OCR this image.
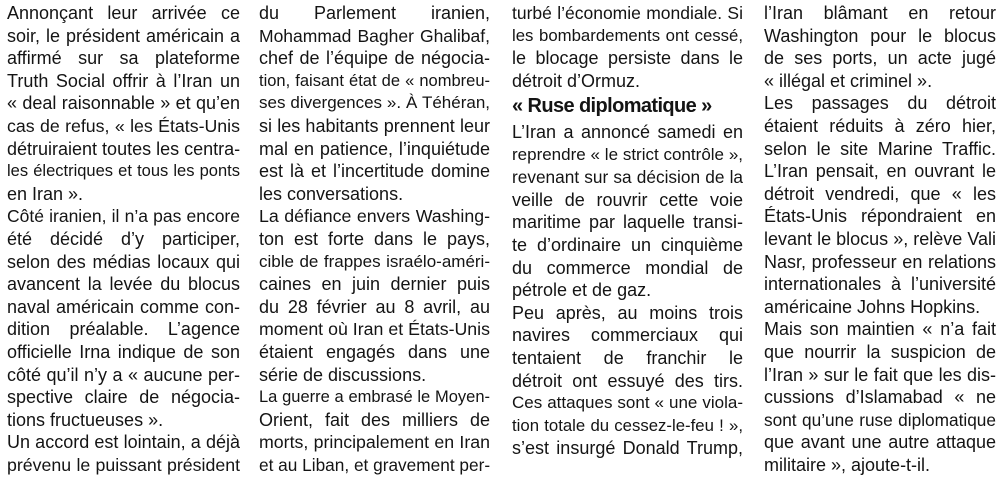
Annonçant leur arrivée ce
soir, le président américain a
affirmé sur sa plateforme
Truth Social offrir à l’Iran un
« deal raisonnable » et qu’en
cas de refus, « les États-Unis
détruiraient toutes les centra-
les électriques et tous les ponts
en Iran ».
Côté iranien, il n’a pas encore
été décidé d’y participer,
selon des médias locaux qui
avancent la levée du blocus
naval américain comme con-
dition préalable. L’agence
officielle Irna indique de son
côté qu’il n’y a « aucune per-
spective claire de négocia-
tions fructueuses ».
Un accord est lointain, a déjà
prévenu le puissant président
du Parlement iranien,
Mohammad Bagher Ghalibaf,
chef de l’équipe de négocia-
tion, faisant état de « nombreu-
ses divergences ». À Téhéran,
si les habitants prennent leur
mal en patience, l’inquiétude
est là et l’incertitude domine
les conversations.
La défiance envers Washing-
ton est forte dans le pays,
cible de frappes israélo-améri-
caines en juin dernier puis
du 28 février au 8 avril, au
moment où Iran et États-Unis
étaient engagés dans une
série de discussions.
La guerre a embrasé le Moyen-
Orient, fait des milliers de
morts, principalement en Iran
et au Liban, et gravement per-
turbé l’économie mondiale. Si
les bombardements ont cessé,
le blocage persiste dans le
détroit d’Ormuz.
« Ruse diplomatique »
L’Iran a annoncé samedi en
reprendre « le strict contrôle »,
revenant sur sa décision de la
veille de rouvrir cette voie
maritime par laquelle transi-
te d’ordinaire un cinquième
du commerce mondial de
pétrole et de gaz.
Peu après, au moins trois
navires commerciaux qui
tentaient de franchir le
détroit ont essuyé des tirs.
Ces attaques sont « une viola-
tion totale du cessez-le-feu ! »,
s’est insurgé Donald Trump,
l’Iran blâmant en retour
Washington pour le blocus
de ses ports, un acte jugé
« illégal et criminel ».
Les passages du détroit
étaient réduits à zéro hier,
selon le site Marine Traffic.
L’Iran pensait, en ouvrant le
détroit vendredi, que « les
États-Unis répondraient en
levant le blocus », relève Vali
Nasr, professeur en relations
internationales à l’université
américaine Johns Hopkins.
Mais son maintien « n’a fait
que nourrir la suspicion de
l’Iran » sur le fait que les dis-
cussions d’Islamabad « ne
sont qu’une ruse diplomatique
que avant une autre attaque
militaire », ajoute-t-il.
